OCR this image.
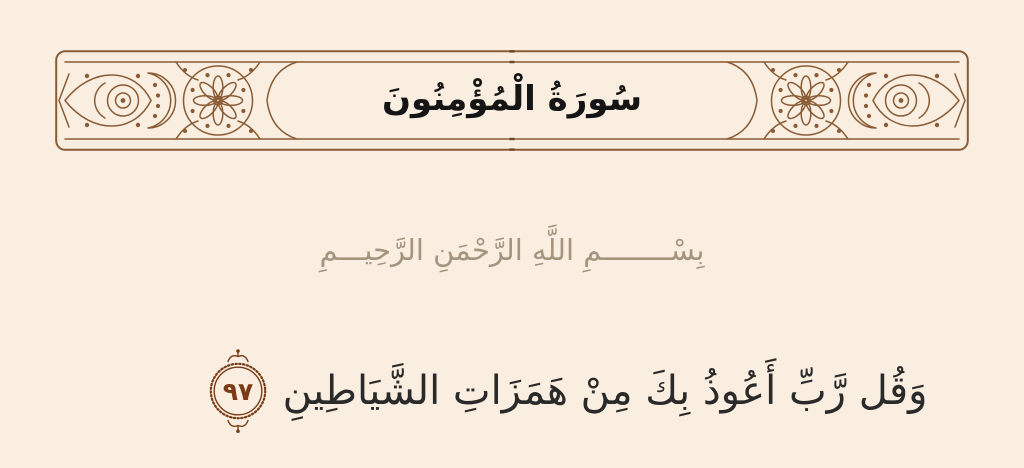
سُورَةُ الْمُؤْمِنُونَ
بِسْــــــــمِ اللَّهِ الرَّحْمَنِ الرَّحِيـــمِ
وَقُل رَّبِّ أَعُوذُ بِكَ مِنْ هَمَزَاتِ الشَّيَاطِينِ
٩٧
